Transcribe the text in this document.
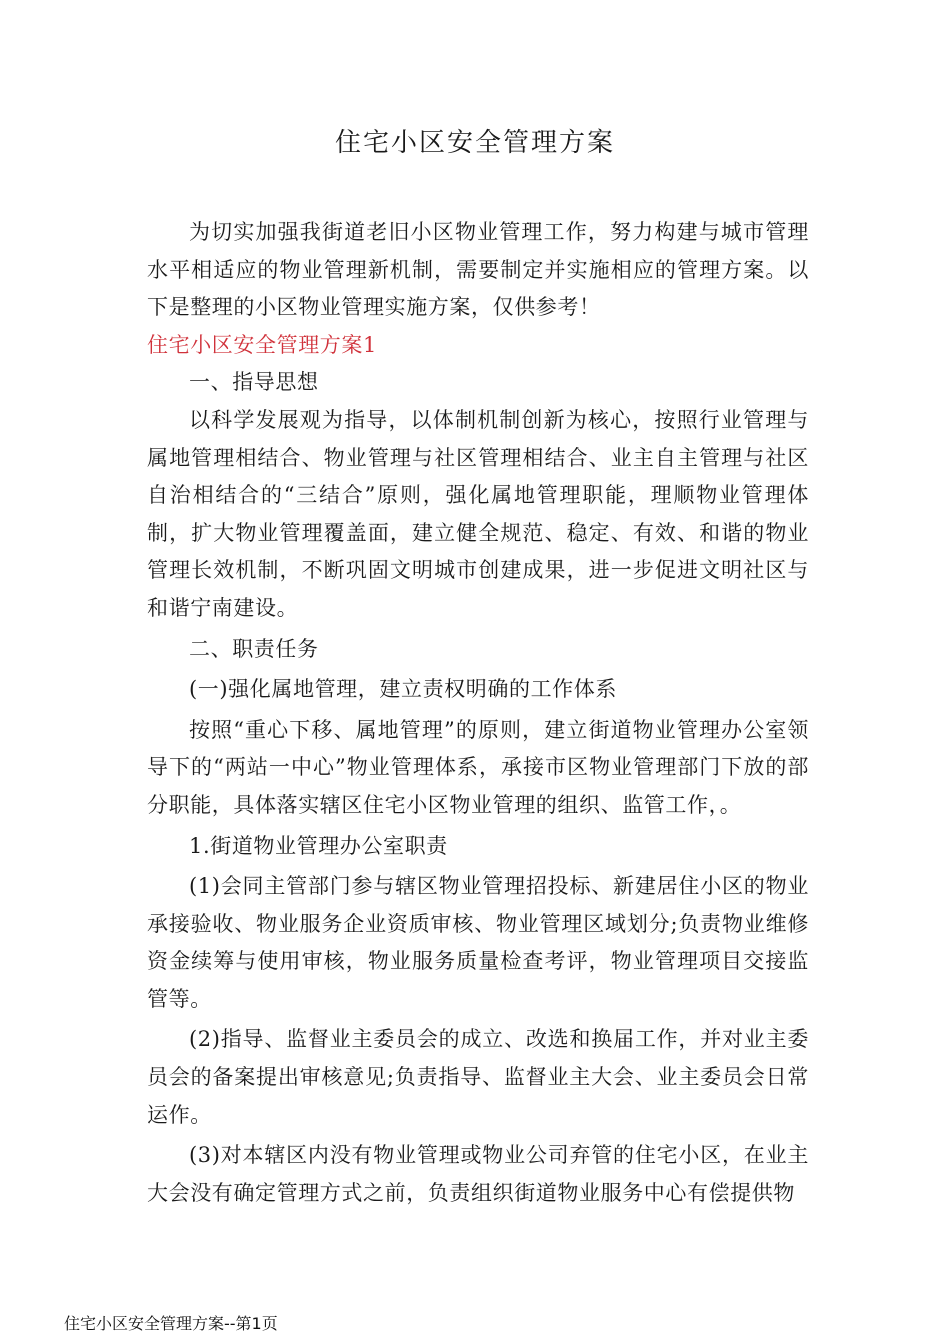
住宅小区安全管理方案

为切实加强我街道老旧小区物业管理工作，努力构建与城市管理水平相适应的物业管理新机制，需要制定并实施相应的管理方案。以下是整理的小区物业管理实施方案，仅供参考！

住宅小区安全管理方案1

一、指导思想

以科学发展观为指导，以体制机制创新为核心，按照行业管理与属地管理相结合、物业管理与社区管理相结合、业主自主管理与社区自治相结合的“三结合”原则，强化属地管理职能，理顺物业管理体制，扩大物业管理覆盖面，建立健全规范、稳定、有效、和谐的物业管理长效机制，不断巩固文明城市创建成果，进一步促进文明社区与和谐宁南建设。

二、职责任务

(一)强化属地管理，建立责权明确的工作体系

按照“重心下移、属地管理”的原则，建立街道物业管理办公室领导下的“两站一中心”物业管理体系，承接市区物业管理部门下放的部分职能，具体落实辖区住宅小区物业管理的组织、监管工作，。

1.街道物业管理办公室职责

(1)会同主管部门参与辖区物业管理招投标、新建居住小区的物业承接验收、物业服务企业资质审核、物业管理区域划分;负责物业维修资金续筹与使用审核，物业服务质量检查考评，物业管理项目交接监管等。

(2)指导、监督业主委员会的成立、改选和换届工作，并对业主委员会的备案提出审核意见;负责指导、监督业主大会、业主委员会日常运作。

(3)对本辖区内没有物业管理或物业公司弃管的住宅小区，在业主大会没有确定管理方式之前，负责组织街道物业服务中心有偿提供物

住宅小区安全管理方案--第1页
